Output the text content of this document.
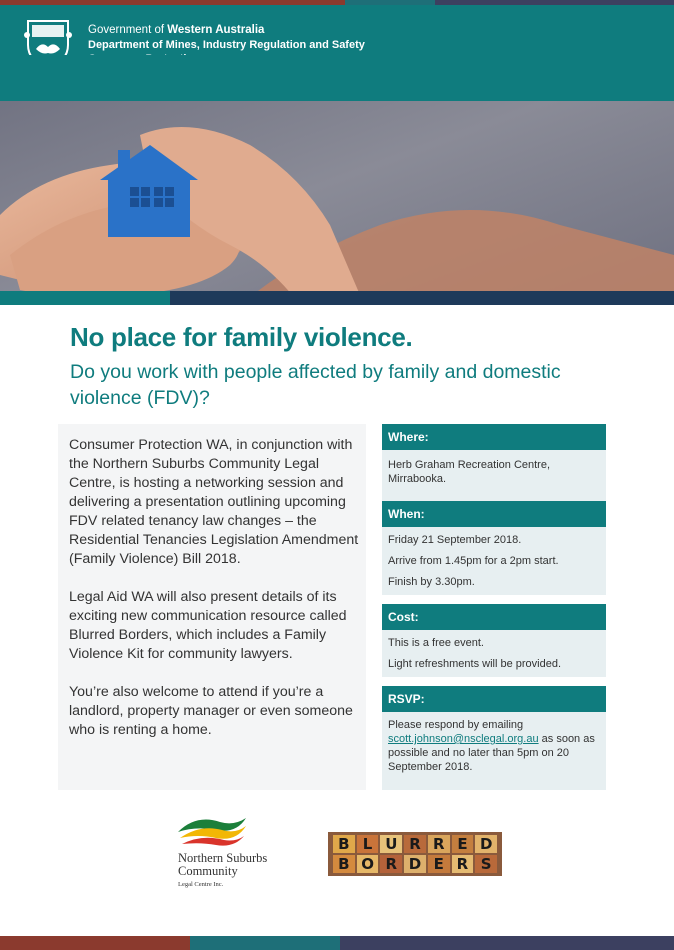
Government of Western Australia
Department of Mines, Industry Regulation and Safety
No place for family violence.
Do you work with people affected by family and domestic violence (FDV)?

Consumer Protection WA, in conjunction with the Northern Suburbs Community Legal Centre, is hosting a networking session and delivering a presentation outlining upcoming FDV related tenancy law changes – the Residential Tenancies Legislation Amendment (Family Violence) Bill 2018.

Legal Aid WA will also present details of its exciting new communication resource called Blurred Borders, which includes a Family Violence Kit for community lawyers.

You’re also welcome to attend if you’re a landlord, property manager or even someone who is renting a home.

Where:
Herb Graham Recreation Centre, Mirrabooka.
When:
Friday 21 September 2018.
Arrive from 1.45pm for a 2pm start.
Finish by 3.30pm.
Cost:
This is a free event.
Light refreshments will be provided.
RSVP:
Please respond by emailing
scott.johnson@nsclegal.org.au as soon as possible and no later than 5pm on 20 September 2018.
Northern Suburbs
Community
Legal Centre Inc.
B L U R R E D
B O R D E R S
